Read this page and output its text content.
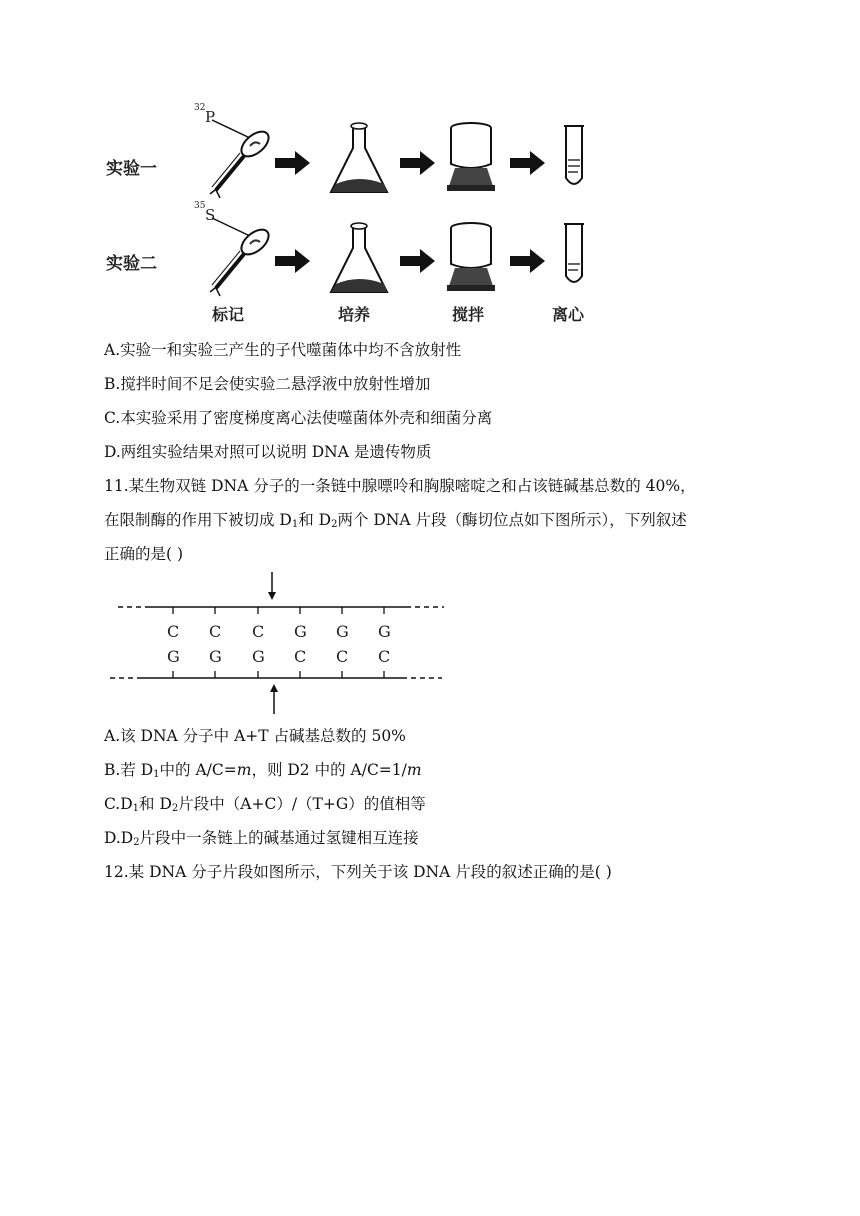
实验一
实验二
32 P
35 S
标记	培养	搅拌	离心
A.实验一和实验三产生的子代噬菌体中均不含放射性
B.搅拌时间不足会使实验二悬浮液中放射性增加
C.本实验采用了密度梯度离心法使噬菌体外壳和细菌分离
D.两组实验结果对照可以说明 DNA 是遗传物质
11.某生物双链 DNA 分子的一条链中腺嘌呤和胸腺嘧啶之和占该链碱基总数的 40%，
在限制酶的作用下被切成 $D_1$和 $D_2$两个 DNA 片段（酶切位点如下图所示），下列叙述
正确的是( )
C C C G G G
G G G C C C
A.该 DNA 分子中 A+T 占碱基总数的 50%
B.若 $D_1$中的 A/C=m，则 D2 中的 A/C=1/m
$C.D_1$和 $D_2$片段中（A+C）/（T+G）的值相等
$D.D_2$片段中一条链上的碱基通过氢键相互连接
12.某 DNA 分子片段如图所示，下列关于该 DNA 片段的叙述正确的是( )
